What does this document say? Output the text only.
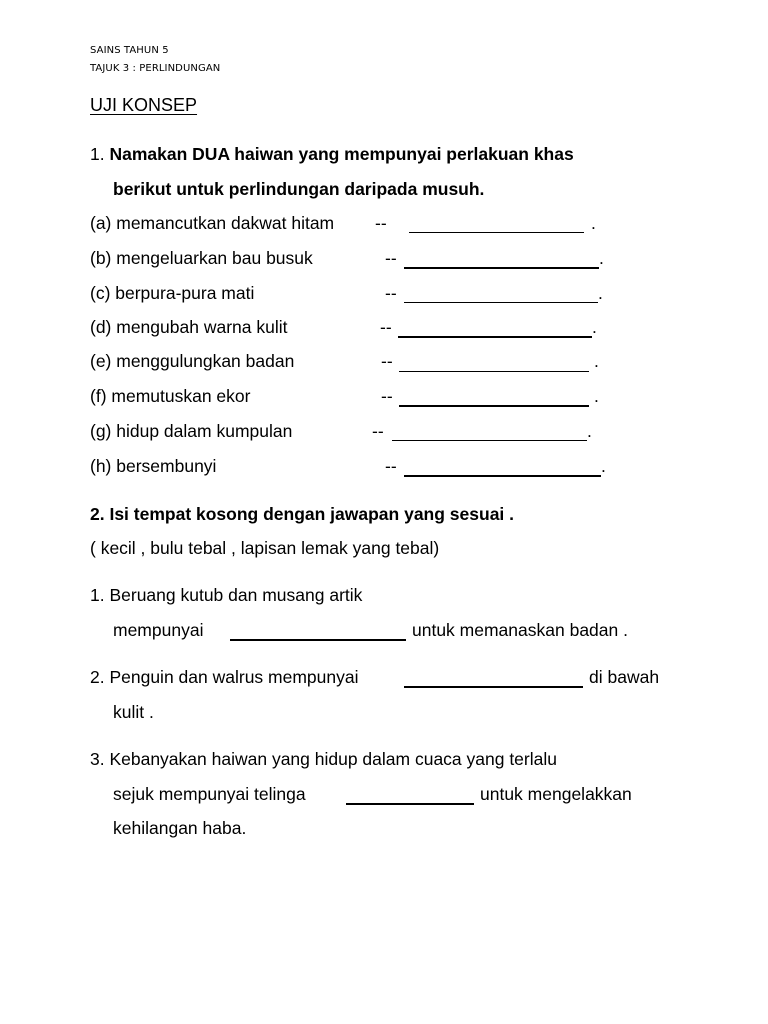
SAINS TAHUN 5
TAJUK 3 : PERLINDUNGAN
UJI KONSEP
1. Namakan DUA haiwan yang mempunyai perlakuan khas
berikut untuk perlindungan daripada musuh.
(a) memancutkan dakwat hitam --	.
(b) mengeluarkan bau busuk	--	.
(c) berpura-pura mati	--	.
(d) mengubah warna kulit	--	.
(e) menggulungkan badan	--	.
(f) memutuskan ekor	--	.
(g) hidup dalam kumpulan	--	.
(h) bersembunyi	--	.
2. Isi tempat kosong dengan jawapan yang sesuai .
( kecil , bulu tebal , lapisan lemak yang tebal)
1. Beruang kutub dan musang artik
mempunyai	untuk memanaskan badan .
2. Penguin dan walrus mempunyai	di bawah
kulit .
3. Kebanyakan haiwan yang hidup dalam cuaca yang terlalu
sejuk mempunyai telinga	untuk mengelakkan
kehilangan haba.
